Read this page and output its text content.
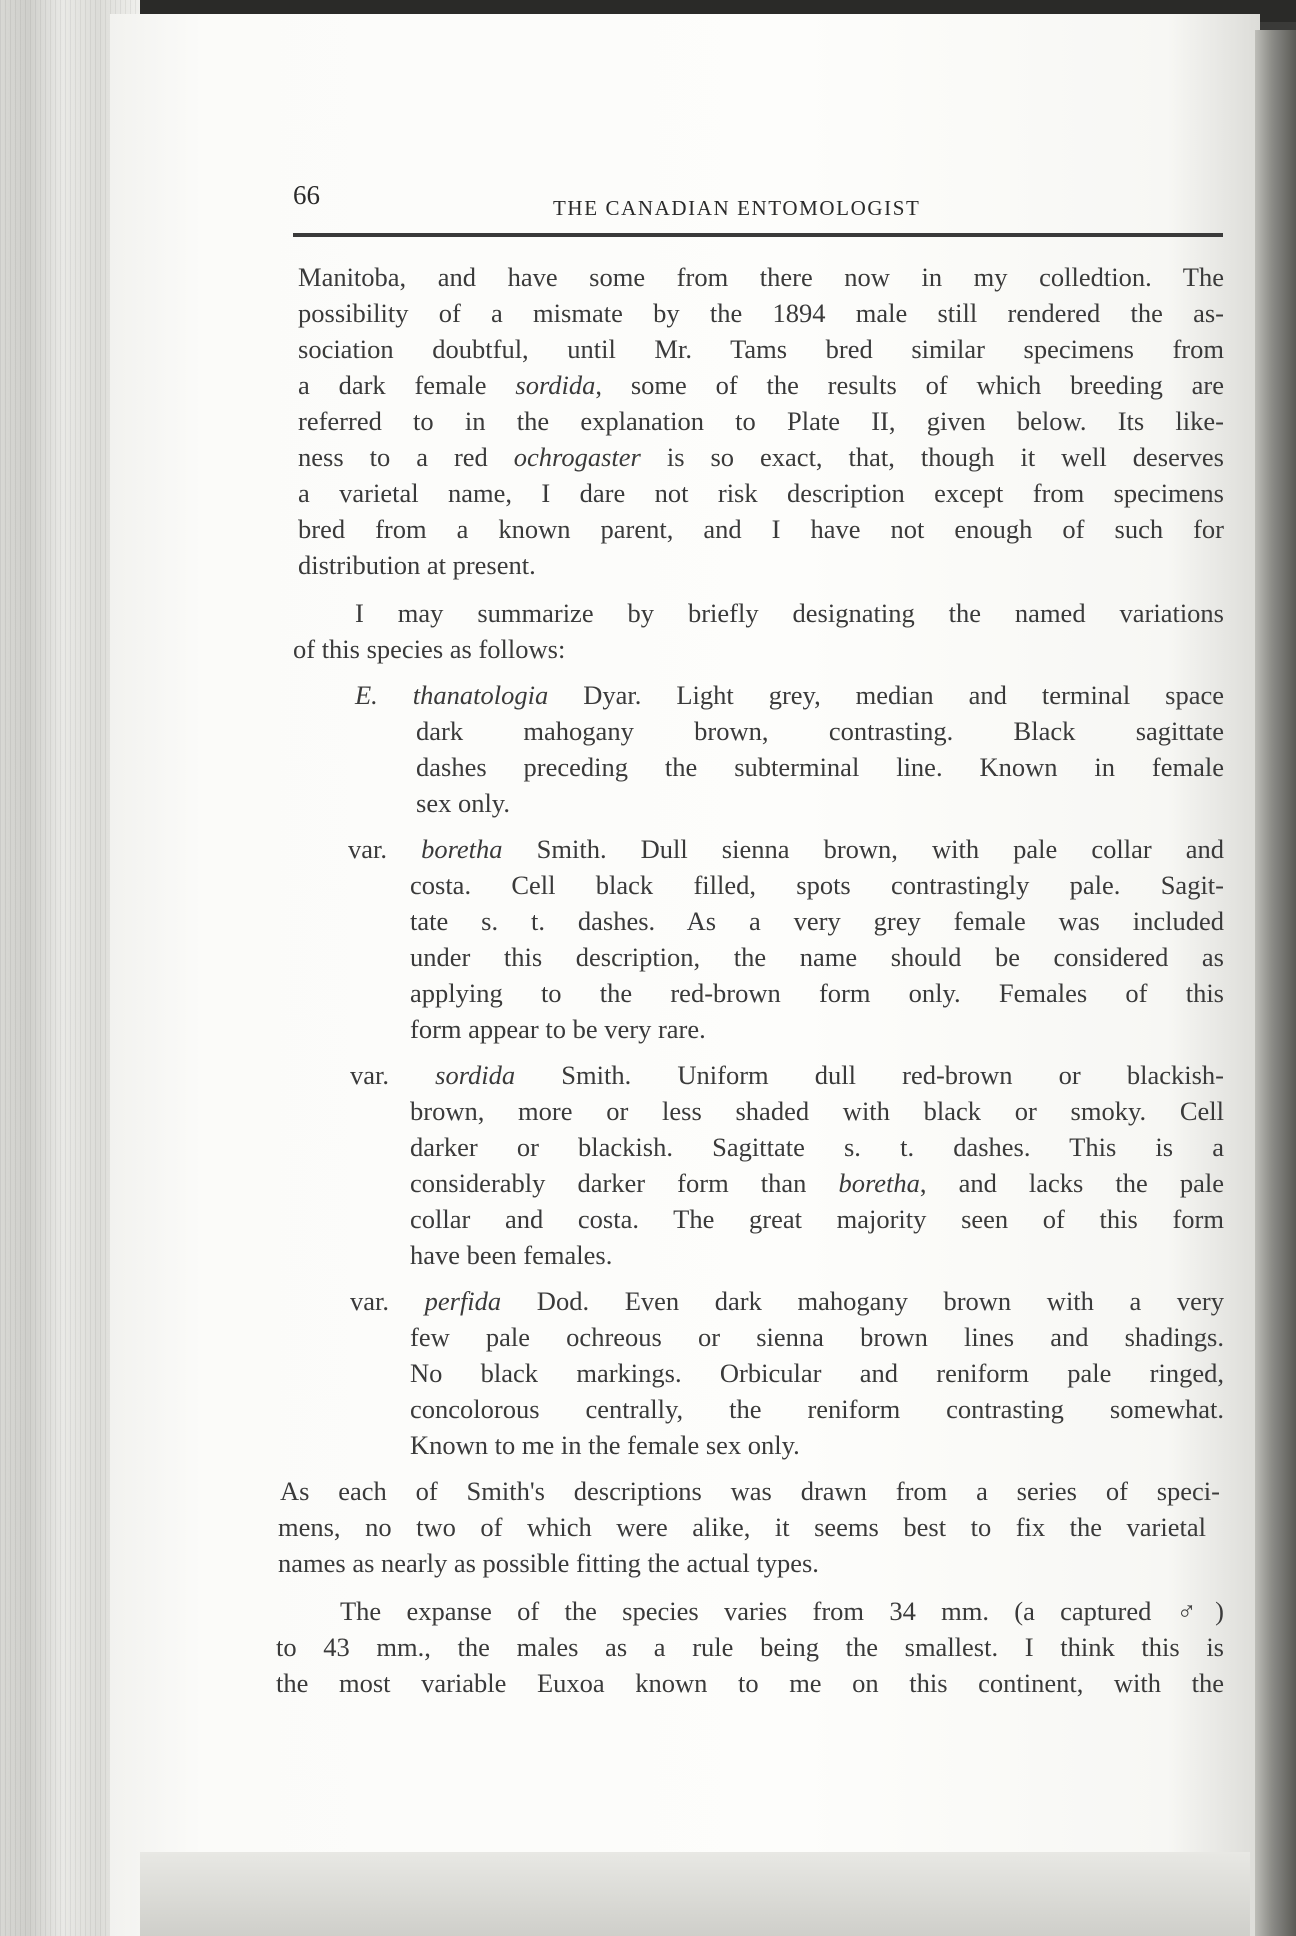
66	THE CANADIAN ENTOMOLOGIST
Manitoba, and have some from there now in my colledtion. The
possibility of a mismate by the 1894 male still rendered the as-
sociation doubtful, until Mr. Tams bred similar specimens from
a dark female sordida, some of the results of which breeding are
referred to in the explanation to Plate II, given below. Its like-
ness to a red ochrogaster is so exact, that, though it well deserves
a varietal name, I dare not risk description except from specimens
bred from a known parent, and I have not enough of such for
distribution at present.
I may summarize by briefly designating the named variations
of this species as follows:
E. thanatologia Dyar. Light grey, median and terminal space
dark mahogany brown, contrasting. Black sagittate
dashes preceding the subterminal line. Known in female
sex only.
var. boretha Smith. Dull sienna brown, with pale collar and
costa. Cell black filled, spots contrastingly pale. Sagit-
tate s. t. dashes. As a very grey female was included
under this description, the name should be considered as
applying to the red-brown form only. Females of this
form appear to be very rare.
var. sordida Smith. Uniform dull red-brown or blackish-
brown, more or less shaded with black or smoky. Cell
darker or blackish. Sagittate s. t. dashes. This is a
considerably darker form than boretha, and lacks the pale
collar and costa. The great majority seen of this form
have been females.
var. perfida Dod. Even dark mahogany brown with a very
few pale ochreous or sienna brown lines and shadings.
No black markings. Orbicular and reniform pale ringed,
concolorous centrally, the reniform contrasting somewhat.
Known to me in the female sex only.
As each of Smith's descriptions was drawn from a series of speci-
mens, no two of which were alike, it seems best to fix the varietal
names as nearly as possible fitting the actual types.
The expanse of the species varies from 34 mm. (a captured ♂)
to 43 mm., the males as a rule being the smallest. I think this is
the most variable Euxoa known to me on this continent, with the
